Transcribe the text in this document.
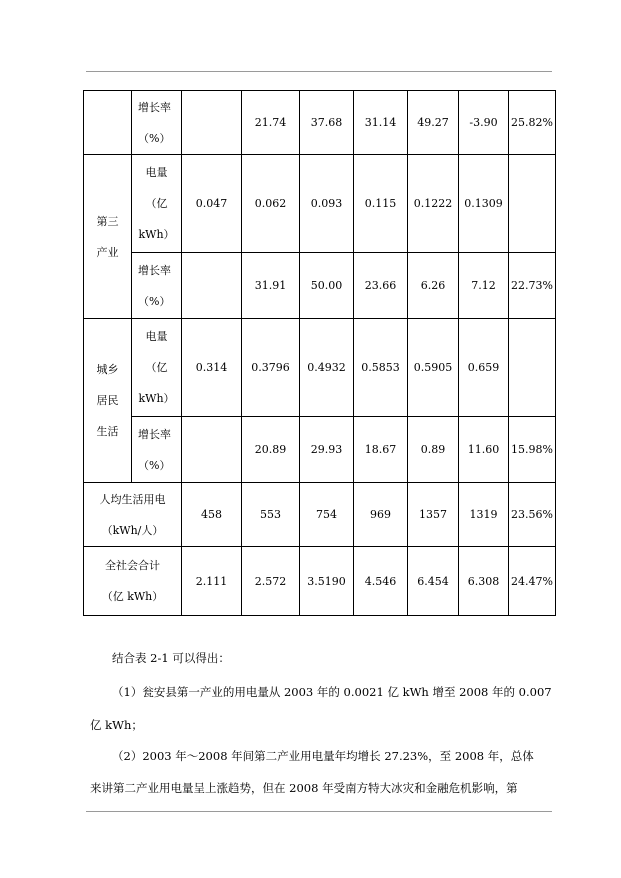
	增长率
（%）		21.74	37.68	31.14	49.27	-3.90	25.82%

第三
产业	电量
（亿
kWh）	0.047	0.062	0.093	0.115	0.1222	0.1309	

	增长率
（%）		31.91	50.00	23.66	6.26	7.12	22.73%

城乡
居民
生活	电量
（亿
kWh）	0.314	0.3796	0.4932	0.5853	0.5905	0.659	

	增长率
（%）		20.89	29.93	18.67	0.89	11.60	15.98%

人均生活用电
（kWh/人）		458	553	754	969	1357	1319	23.56%

全社会合计
（亿 kWh）		2.111	2.572	3.5190	4.546	6.454	6.308	24.47%
结合表 2-1 可以得出：
（1）瓮安县第一产业的用电量从 2003 年的 0.0021 亿 kWh 增至 2008 年的 0.007
亿 kWh；
（2）2003 年～2008 年间第二产业用电量年均增长 27.23%，至 2008 年，总体
来讲第二产业用电量呈上涨趋势，但在 2008 年受南方特大冰灾和金融危机影响，第
